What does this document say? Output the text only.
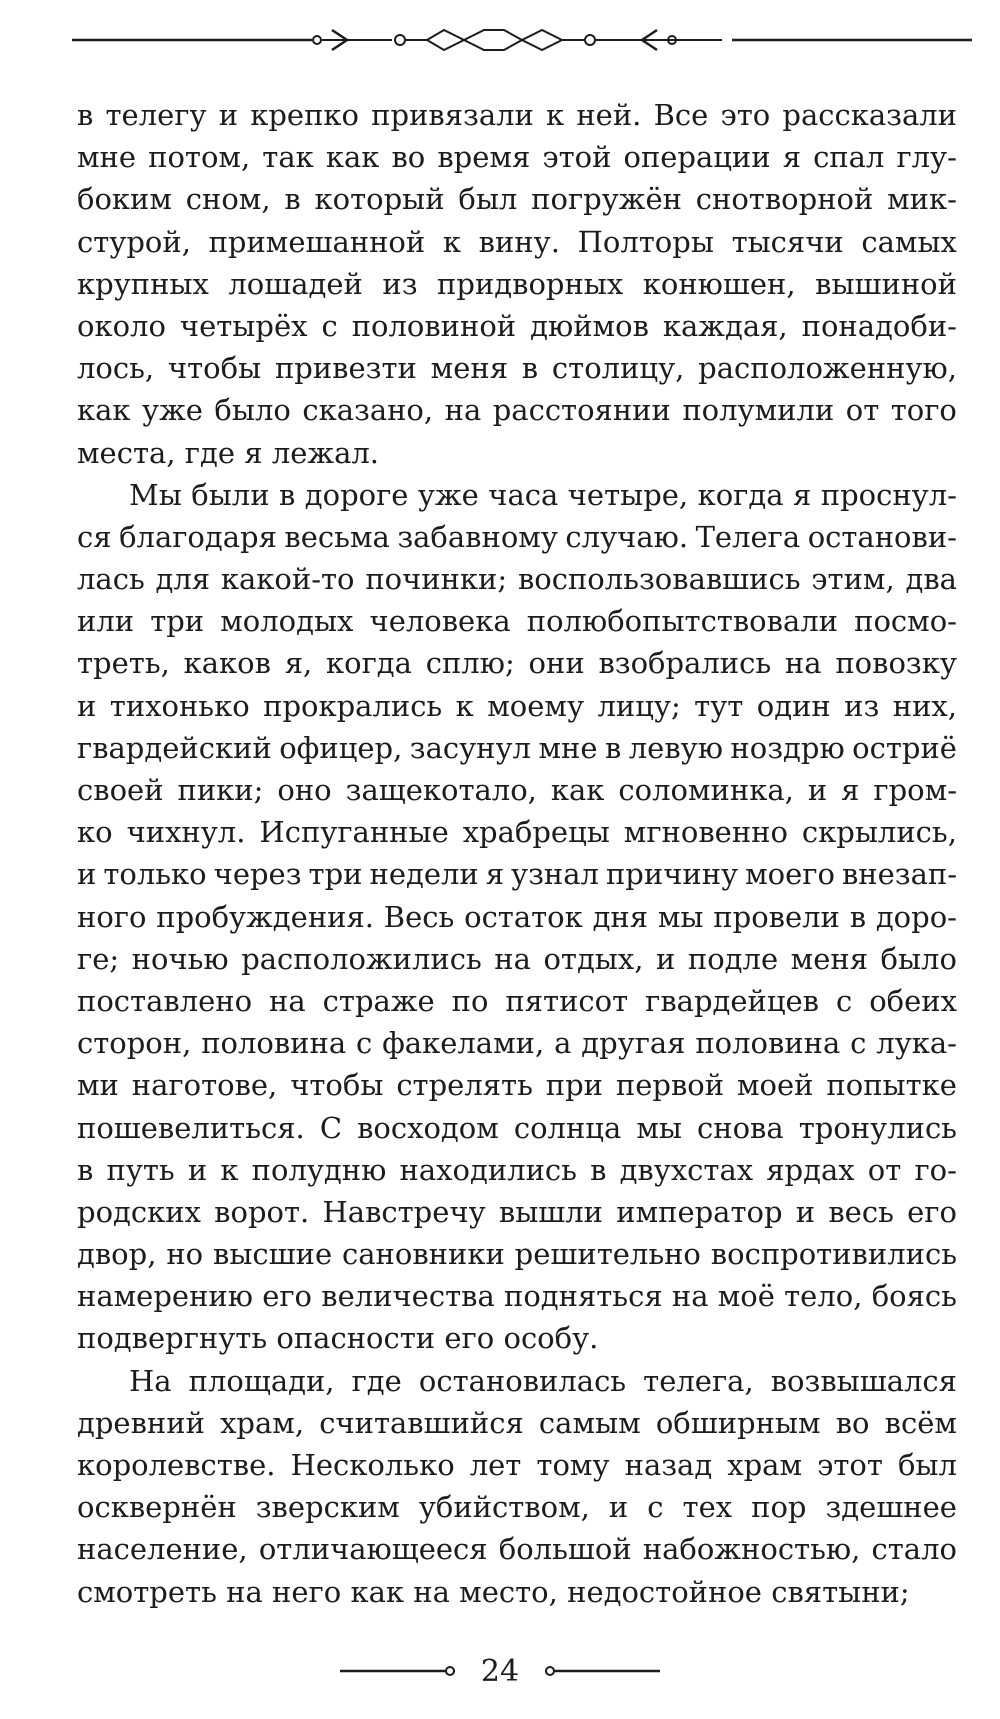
в телегу и крепко привязали к ней. Все это рассказали
мне потом, так как во время этой операции я спал глу-
боким сном, в который был погружён снотворной мик-
стурой, примешанной к вину. Полторы тысячи самых
крупных лошадей из придворных конюшен, вышиной
около четырёх с половиной дюймов каждая, понадоби-
лось, чтобы привезти меня в столицу, расположенную,
как уже было сказано, на расстоянии полумили от того
места, где я лежал.
Мы были в дороге уже часа четыре, когда я проснул-
ся благодаря весьма забавному случаю. Телега останови-
лась для какой-то починки; воспользовавшись этим, два
или три молодых человека полюбопытствовали посмо-
треть, каков я, когда сплю; они взобрались на повозку
и тихонько прокрались к моему лицу; тут один из них,
гвардейский офицер, засунул мне в левую ноздрю остриё
своей пики; оно защекотало, как соломинка, и я гром-
ко чихнул. Испуганные храбрецы мгновенно скрылись,
и только через три недели я узнал причину моего внезап-
ного пробуждения. Весь остаток дня мы провели в доро-
ге; ночью расположились на отдых, и подле меня было
поставлено на страже по пятисот гвардейцев с обеих
сторон, половина с факелами, а другая половина с лука-
ми наготове, чтобы стрелять при первой моей попытке
пошевелиться. С восходом солнца мы снова тронулись
в путь и к полудню находились в двухстах ярдах от го-
родских ворот. Навстречу вышли император и весь его
двор, но высшие сановники решительно воспротивились
намерению его величества подняться на моё тело, боясь
подвергнуть опасности его особу.
На площади, где остановилась телега, возвышался
древний храм, считавшийся самым обширным во всём
королевстве. Несколько лет тому назад храм этот был
осквернён зверским убийством, и с тех пор здешнее
население, отличающееся большой набожностью, стало
смотреть на него как на место, недостойное святыни;
24
